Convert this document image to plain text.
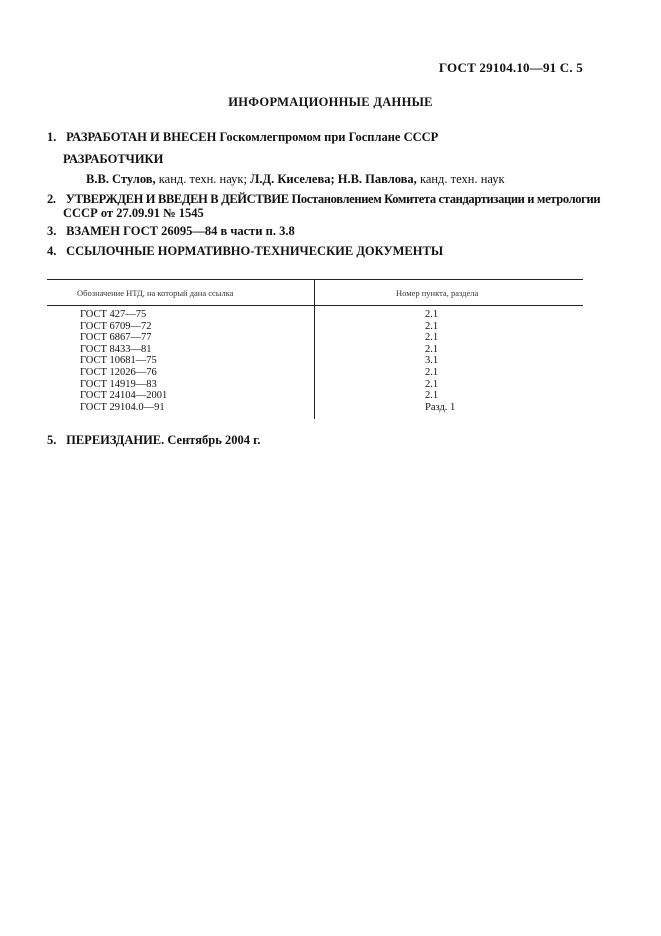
ГОСТ 29104.10—91 С. 5
ИНФОРМАЦИОННЫЕ ДАННЫЕ
1. РАЗРАБОТАН И ВНЕСЕН Госкомлегпромом при Госплане СССР
РАЗРАБОТЧИКИ
В.В. Стулов, канд. техн. наук; Л.Д. Киселева; Н.В. Павлова, канд. техн. наук
2. УТВЕРЖДЕН И ВВЕДЕН В ДЕЙСТВИЕ Постановлением Комитета стандартизации и метрологии
СССР от 27.09.91 № 1545
3. ВЗАМЕН ГОСТ 26095—84 в части п. 3.8
4. ССЫЛОЧНЫЕ НОРМАТИВНО-ТЕХНИЧЕСКИЕ ДОКУМЕНТЫ
Обозначение НТД, на который дана ссылка	Номер пункта, раздела
ГОСТ 427—75	2.1
ГОСТ 6709—72	2.1
ГОСТ 6867—77	2.1
ГОСТ 8433—81	2.1
ГОСТ 10681—75	3.1
ГОСТ 12026—76	2.1
ГОСТ 14919—83	2.1
ГОСТ 24104—2001	2.1
ГОСТ 29104.0—91	Разд. 1
5. ПЕРЕИЗДАНИЕ. Сентябрь 2004 г.
